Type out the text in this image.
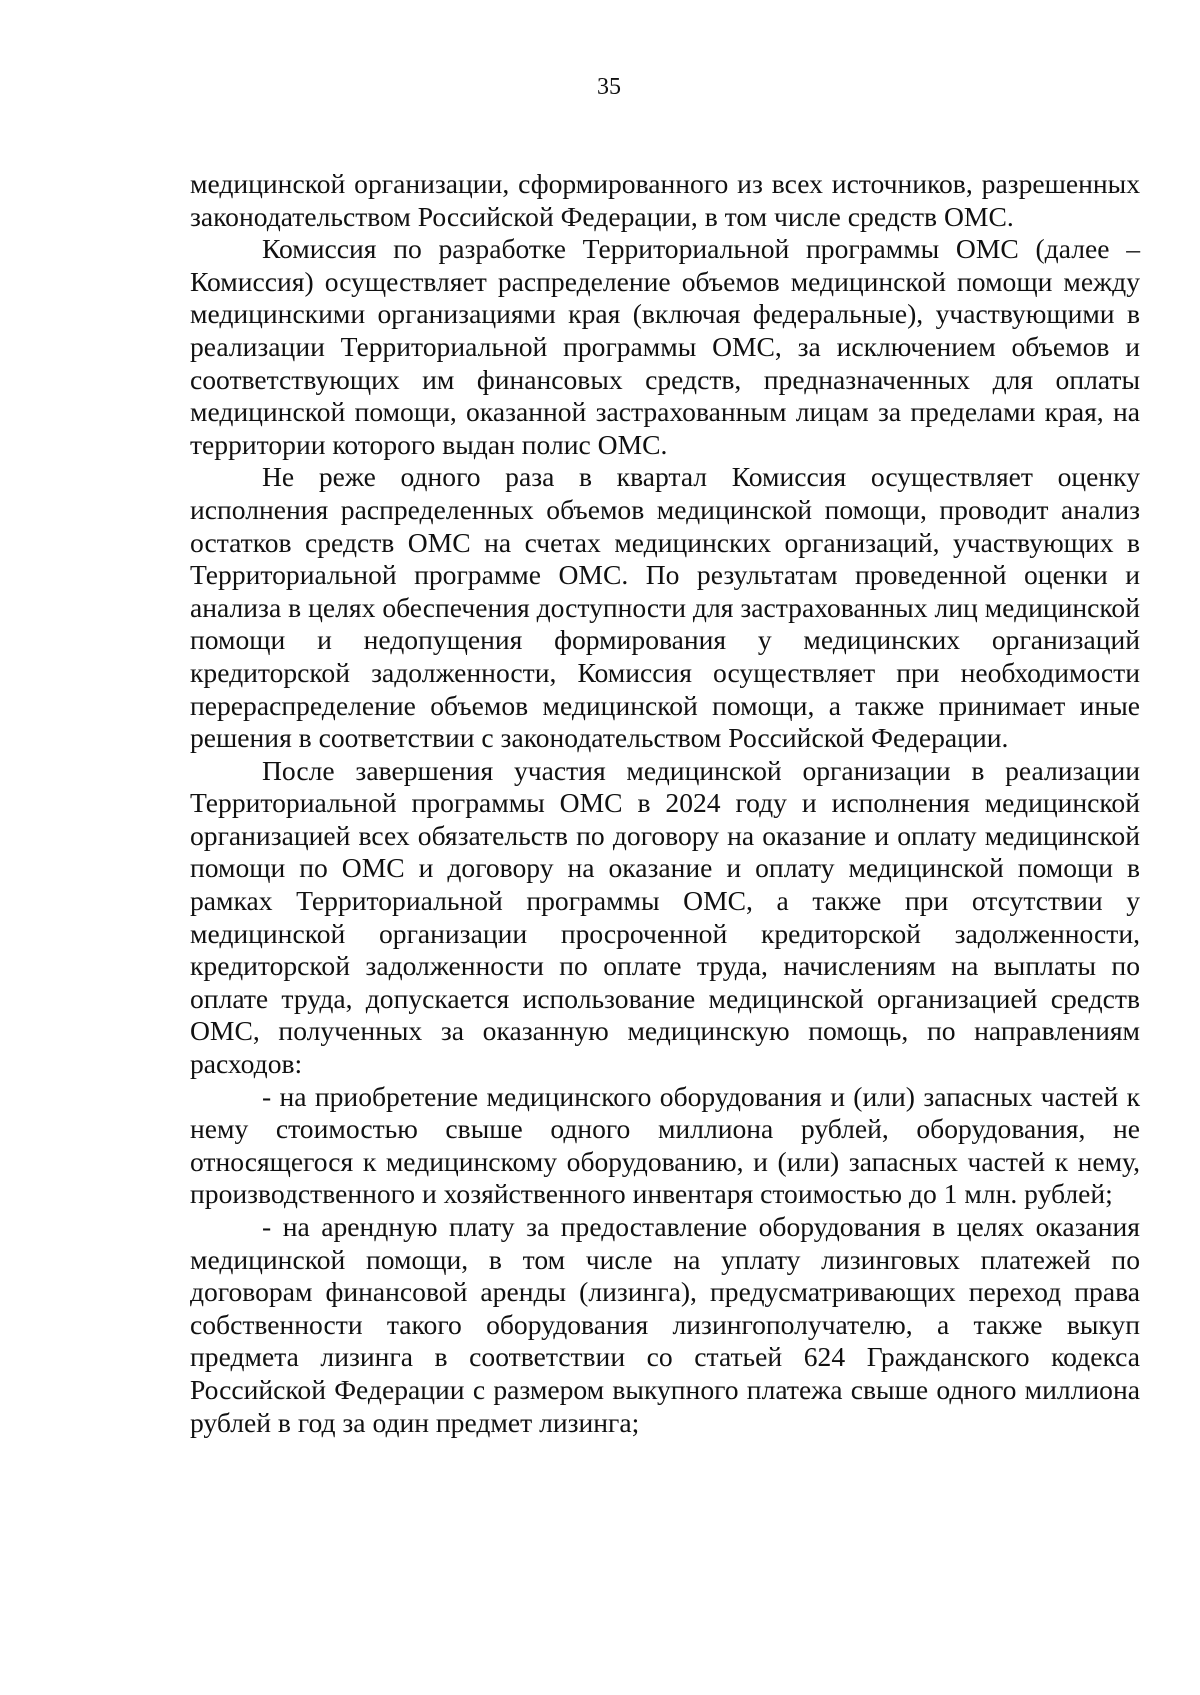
35

медицинской организации, сформированного из всех источников, разрешенных законодательством Российской Федерации, в том числе средств ОМС.

Комиссия по разработке Территориальной программы ОМС (далее – Комиссия) осуществляет распределение объемов медицинской помощи между медицинскими организациями края (включая федеральные), участвующими в реализации Территориальной программы ОМС, за исключением объемов и соответствующих им финансовых средств, предназначенных для оплаты медицинской помощи, оказанной застрахованным лицам за пределами края, на территории которого выдан полис ОМС.

Не реже одного раза в квартал Комиссия осуществляет оценку исполнения распределенных объемов медицинской помощи, проводит анализ остатков средств ОМС на счетах медицинских организаций, участвующих в Территориальной программе ОМС. По результатам проведенной оценки и анализа в целях обеспечения доступности для застрахованных лиц медицинской помощи и недопущения формирования у медицинских организаций кредиторской задолженности, Комиссия осуществляет при необходимости перераспределение объемов медицинской помощи, а также принимает иные решения в соответствии с законодательством Российской Федерации.

После завершения участия медицинской организации в реализации Территориальной программы ОМС в 2024 году и исполнения медицинской организацией всех обязательств по договору на оказание и оплату медицинской помощи по ОМС и договору на оказание и оплату медицинской помощи в рамках Территориальной программы ОМС, а также при отсутствии у медицинской организации просроченной кредиторской задолженности, кредиторской задолженности по оплате труда, начислениям на выплаты по оплате труда, допускается использование медицинской организацией средств ОМС, полученных за оказанную медицинскую помощь, по направлениям расходов:

- на приобретение медицинского оборудования и (или) запасных частей к нему стоимостью свыше одного миллиона рублей, оборудования, не относящегося к медицинскому оборудованию, и (или) запасных частей к нему, производственного и хозяйственного инвентаря стоимостью до 1 млн. рублей;

- на арендную плату за предоставление оборудования в целях оказания медицинской помощи, в том числе на уплату лизинговых платежей по договорам финансовой аренды (лизинга), предусматривающих переход права собственности такого оборудования лизингополучателю, а также выкуп предмета лизинга в соответствии со статьей 624 Гражданского кодекса Российской Федерации с размером выкупного платежа свыше одного миллиона рублей в год за один предмет лизинга;
